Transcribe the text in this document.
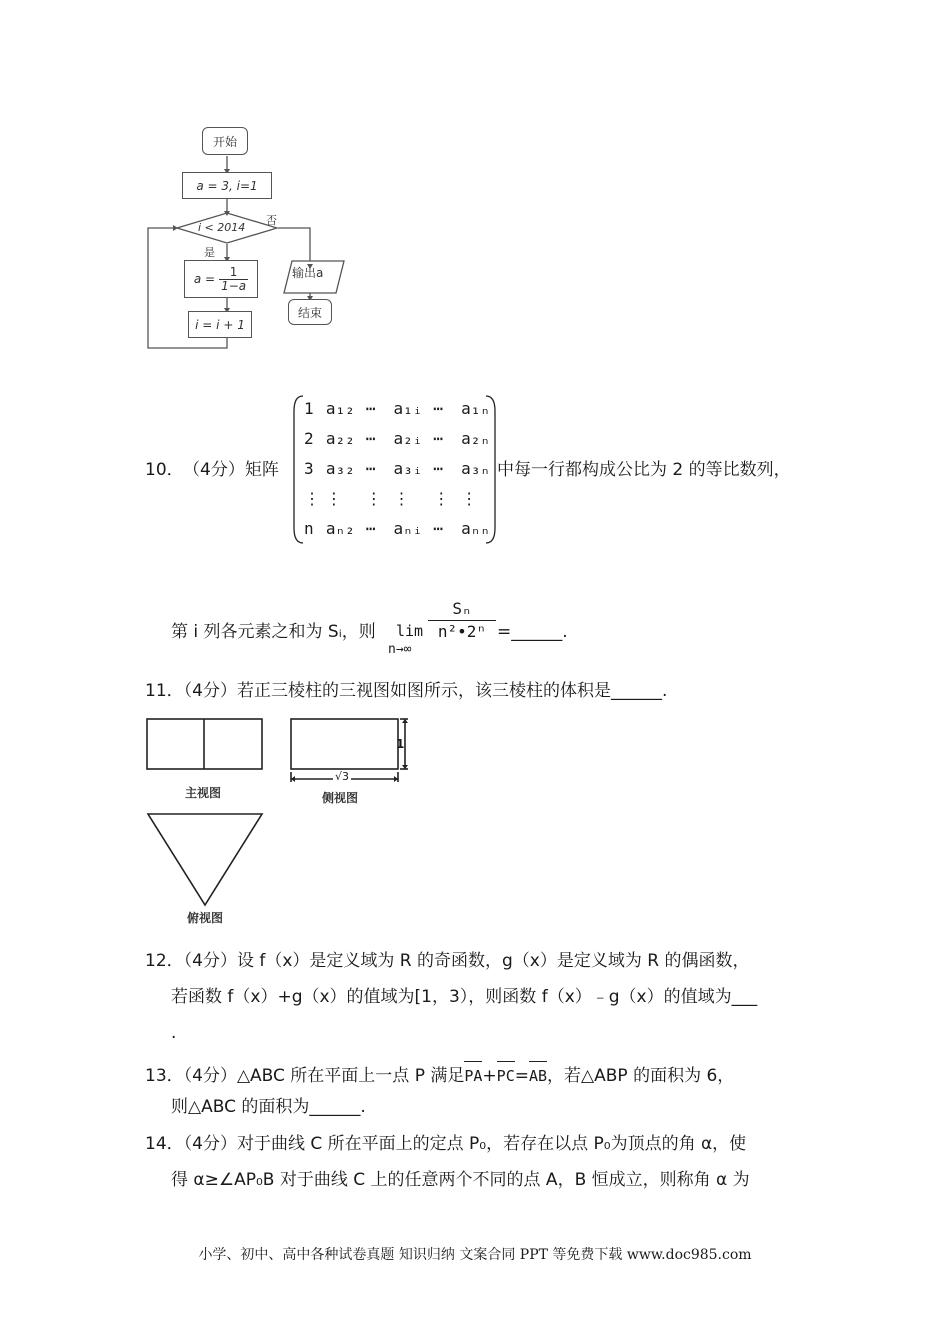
开始
a = 3, i=1
i < 2014
否
是
$a = \frac{1}{1-a}$
i = i + 1
输出a
结束
10． （4分）矩阵
1	a₁₂	⋯	a₁ᵢ	⋯	a₁ₙ
2	a₂₂	⋯	a₂ᵢ	⋯	a₂ₙ
3	a₃₂	⋯	a₃ᵢ	⋯	a₃ₙ
⋮	⋮	⋮	⋮	⋮	⋮
n	aₙ₂	⋯	aₙᵢ	⋯	aₙₙ
中每一行都构成公比为 2 的等比数列，
第 i 列各元素之和为 Sᵢ，则 lim
n→∞
$\frac{\text{Sₙ}}{\text{n²•2ⁿ}}$ =______.
11．（4分）若正三棱柱的三视图如图所示，该三棱柱的体积是______.
1
√3
主视图	侧视图
俯视图
12．（4分）设 f（x）是定义域为 R 的奇函数，g（x）是定义域为 R 的偶函数，
若函数 f（x）+g（x）的值域为[1，3），则函数 f（x）﹣g（x）的值域为___
.
13．（4分）△ABC 所在平面上一点 P 满足 PA + PC = AB ，若△ABP 的面积为 6，
则△ABC 的面积为______.
14．（4分）对于曲线 C 所在平面上的定点 P₀，若存在以点 P₀为顶点的角 α，使
得 α≥∠AP₀B 对于曲线 C 上的任意两个不同的点 A，B 恒成立，则称角 α 为
小学、初中、高中各种试卷真题 知识归纳 文案合同 PPT 等免费下载 www.doc985.com
